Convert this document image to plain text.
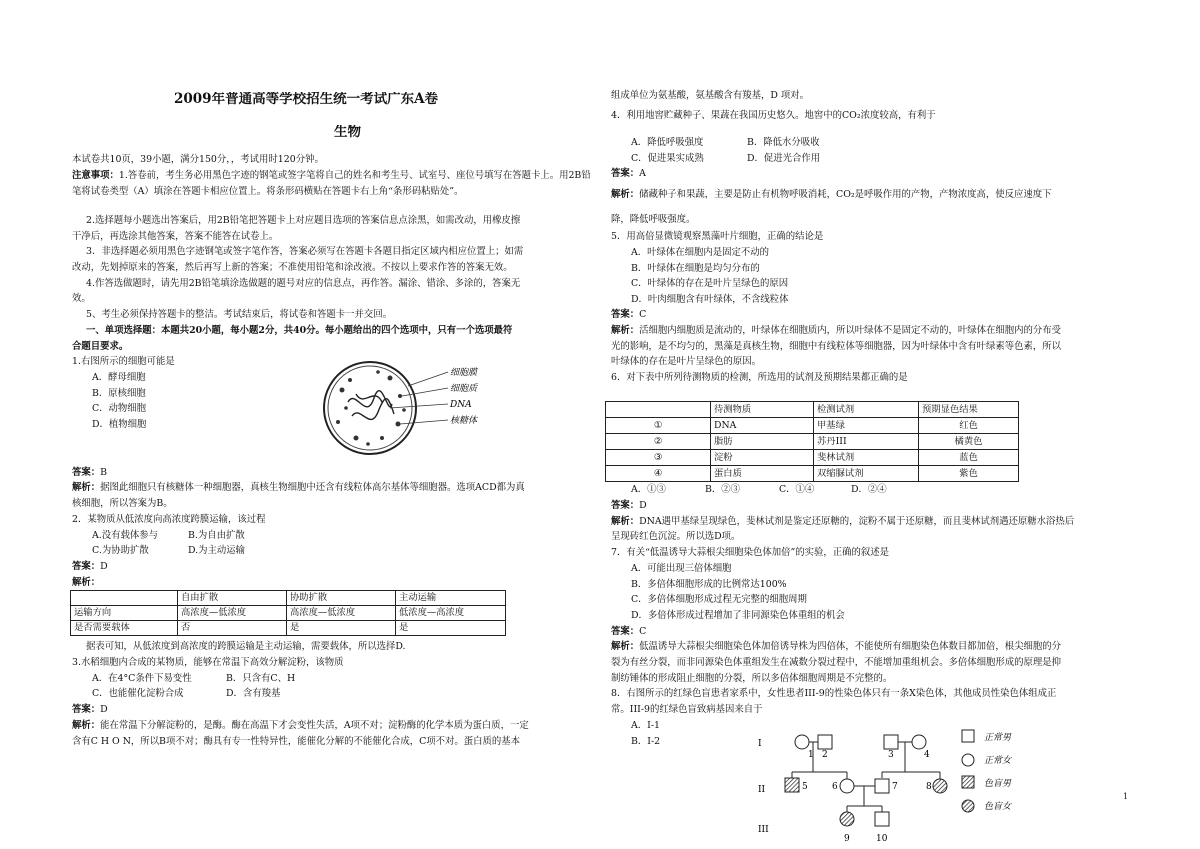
2009年普通高等学校招生统一考试广东A卷
生物
本试卷共10页，39小题，满分150分，，考试用时120分钟。
注意事项：1.答卷前，考生务必用黑色字迹的钢笔或签字笔将自己的姓名和考生号、试室号、座位号填写在答题卡上。用2B铅笔将试卷类型（A）填涂在答题卡相应位置上。将条形码横贴在答题卡右上角“条形码粘贴处”。
2.选择题每小题选出答案后，用2B铅笔把答题卡上对应题目选项的答案信息点涂黑，如需改动，用橡皮擦
干净后，再选涂其他答案，答案不能答在试卷上。
3．非选择题必须用黑色字迹钢笔或签字笔作答，答案必须写在答题卡各题目指定区域内相应位置上；如需
改动，先划掉原来的答案，然后再写上新的答案；不准使用铅笔和涂改液。不按以上要求作答的答案无效。
4.作答选做题时，请先用2B铅笔填涂选做题的题号对应的信息点，再作答。漏涂、错涂、多涂的，答案无
效。
5、考生必须保持答题卡的整洁。考试结束后，将试卷和答题卡一并交回。
一、单项选择题：本题共20小题，每小题2分，共40分。每小题给出的四个选项中，只有一个选项最符
合题目要求。
1.右图所示的细胞可能是
A．酵母细胞
B．原核细胞
C．动物细胞
D．植物细胞
答案：B
解析：据图此细胞只有核糖体一种细胞器，真核生物细胞中还含有线粒体高尔基体等细胞器。选项ACD都为真
核细胞，所以答案为B。
2．某物质从低浓度向高浓度跨膜运输，该过程
A.没有载体参与	B.为自由扩散
C.为协助扩散	D.为主动运输
答案：D
解析：
	自由扩散	协助扩散	主动运输
运输方向	高浓度—低浓度	高浓度—低浓度	低浓度—高浓度
是否需要载体	否	是	是
据表可知，从低浓度到高浓度的跨膜运输是主动运输，需要载体，所以选择D.
3.水稻细胞内合成的某物质，能够在常温下高效分解淀粉，该物质
A．在4°C条件下易变性	B．只含有C、H
C．也能催化淀粉合成	D．含有羧基
答案：D
解析：能在常温下分解淀粉的，是酶。酶在高温下才会变性失活，A项不对；淀粉酶的化学本质为蛋白质，一定
含有C H O N，所以B项不对；酶具有专一性特异性，能催化分解的不能催化合成，C项不对。蛋白质的基本
细胞膜
细胞质
DNA
核糖体
组成单位为氨基酸，氨基酸含有羧基，D 项对。
4．利用地窖贮藏种子、果蔬在我国历史悠久。地窖中的CO₂浓度较高，有利于
A．降低呼吸强度	B．降低水分吸收
C．促进果实成熟	D．促进光合作用
答案：A
解析：储藏种子和果蔬，主要是防止有机物呼吸消耗，CO₂是呼吸作用的产物，产物浓度高，使反应速度下
降，降低呼吸强度。
5．用高倍显微镜观察黑藻叶片细胞，正确的结论是
A．叶绿体在细胞内是固定不动的
B．叶绿体在细胞是均匀分布的
C．叶绿体的存在是叶片呈绿色的原因
D．叶肉细胞含有叶绿体，不含线粒体
答案：C
解析：活细胞内细胞质是流动的，叶绿体在细胞质内，所以叶绿体不是固定不动的，叶绿体在细胞内的分布受
光的影响，是不均匀的，黑藻是真核生物，细胞中有线粒体等细胞器，因为叶绿体中含有叶绿素等色素，所以
叶绿体的存在是叶片呈绿色的原因。
6．对下表中所列待测物质的检测，所选用的试剂及预期结果都正确的是
	待测物质	检测试剂	预期显色结果
①	DNA	甲基绿	红色
②	脂肪	苏丹III	橘黄色
③	淀粉	斐林试剂	蓝色
④	蛋白质	双缩脲试剂	紫色
A．①③	B．②③	C．①④	D．②④
答案：D
解析：DNA遇甲基绿呈现绿色，斐林试剂是鉴定还原糖的，淀粉不属于还原糖，而且斐林试剂遇还原糖水浴热后
呈现砖红色沉淀。所以选D项。
7．有关“低温诱导大蒜根尖细胞染色体加倍”的实验，正确的叙述是
A．可能出现三倍体细胞
B．多倍体细胞形成的比例常达100%
C．多倍体细胞形成过程无完整的细胞周期
D．多倍体形成过程增加了非同源染色体重组的机会
答案：C
解析：低温诱导大蒜根尖细胞染色体加倍诱导株为四倍体，不能使所有细胞染色体数目都加倍，根尖细胞的分
裂为有丝分裂，而非同源染色体重组发生在减数分裂过程中，不能增加重组机会。多倍体细胞形成的原理是抑
制纺锤体的形成阻止细胞的分裂，所以多倍体细胞周期是不完整的。
8．右图所示的红绿色盲患者家系中，女性患者III-9的性染色体只有一条X染色体，其他成员性染色体组成正
常。III-9的红绿色盲致病基因来自于
A．I-1
B．I-2	I
II
III
1 2	3	4
5	6	7	8
9	10
正常男
正常女
色盲男
色盲女
1
